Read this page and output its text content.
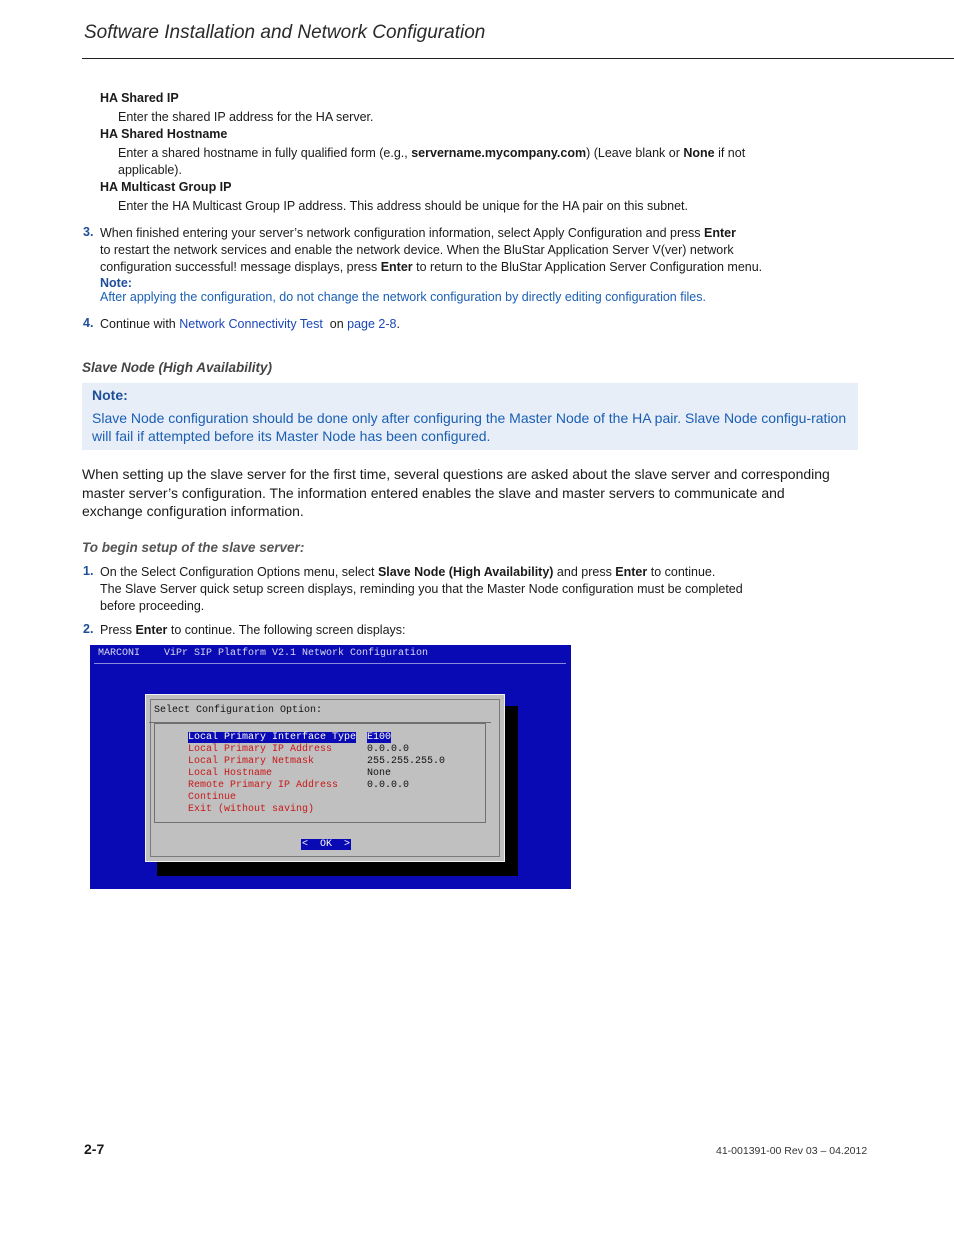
Software Installation and Network Configuration
HA Shared IP
Enter the shared IP address for the HA server.
HA Shared Hostname
Enter a shared hostname in fully qualified form (e.g., servername.mycompany.com) (Leave blank or None if not
applicable).
HA Multicast Group IP
Enter the HA Multicast Group IP address. This address should be unique for the HA pair on this subnet.
3. When finished entering your server’s network configuration information, select Apply Configuration and press Enter
to restart the network services and enable the network device. When the BluStar Application Server V(ver) network
configuration successful! message displays, press Enter to return to the BluStar Application Server Configuration menu.
Note:
After applying the configuration, do not change the network configuration by directly editing configuration files.
4. Continue with Network Connectivity Test  on page 2-8.
Slave Node (High Availability)
Note:
Slave Node configuration should be done only after configuring the Master Node of the HA pair. Slave Node configu-ration will fail if attempted before its Master Node has been configured.
When setting up the slave server for the first time, several questions are asked about the slave server and corresponding
master server’s configuration. The information entered enables the slave and master servers to communicate and
exchange configuration information.
To begin setup of the slave server:
1. On the Select Configuration Options menu, select Slave Node (High Availability) and press Enter to continue.
The Slave Server quick setup screen displays, reminding you that the Master Node configuration must be completed
before proceeding.
2. Press Enter to continue. The following screen displays:
MARCONI    ViPr SIP Platform V2.1 Network Configuration
Select Configuration Option:
Local Primary Interface Type E100
Local Primary IP Address	0.0.0.0
Local Primary Netmask	255.255.255.0
Local Hostname	None
Remote Primary IP Address	0.0.0.0
Continue
Exit (without saving)
<  OK  >
2-7	41-001391-00 Rev 03 – 04.2012
